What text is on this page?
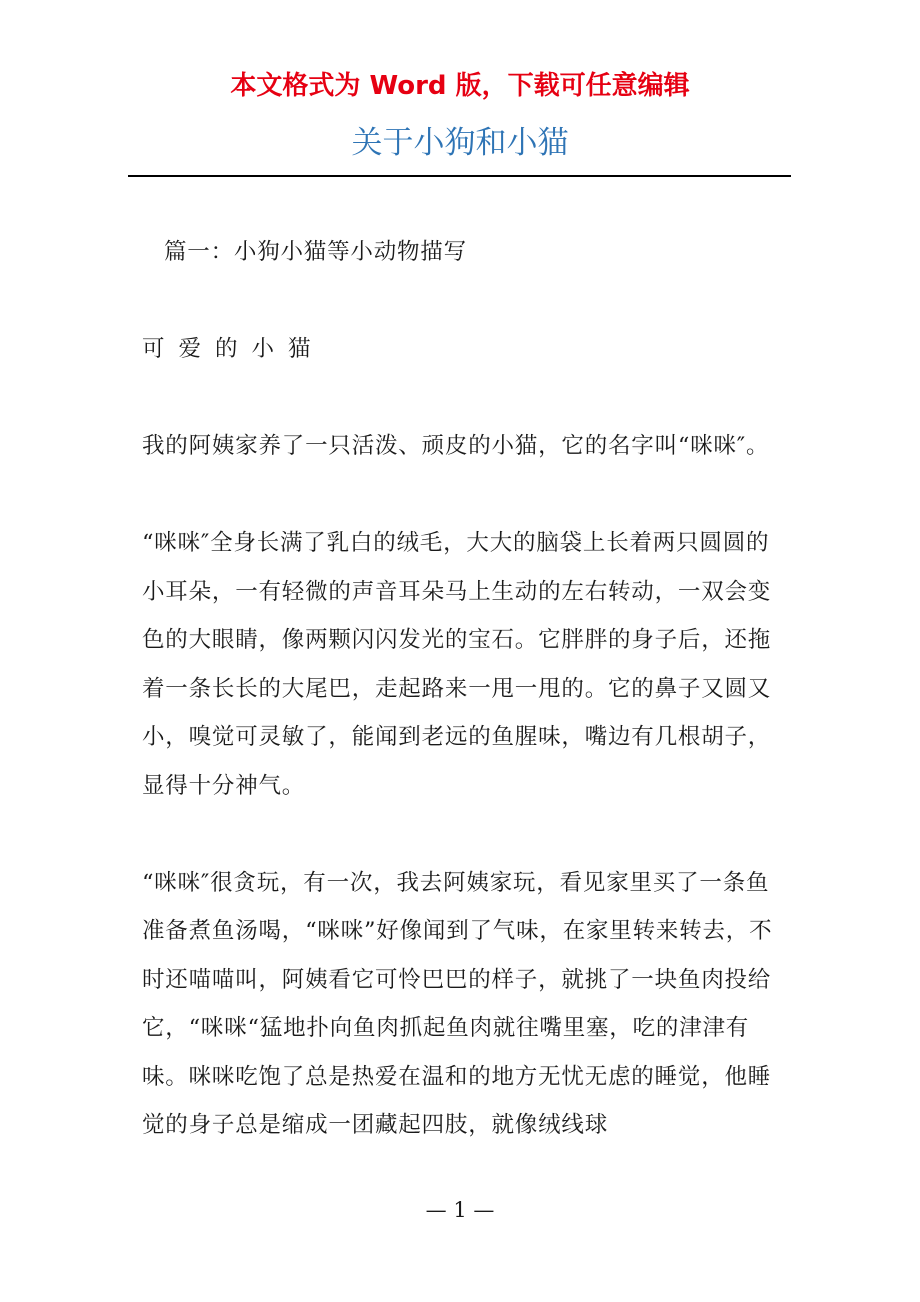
本文格式为 Word 版，下载可任意编辑
关于小狗和小猫

篇一：小狗小猫等小动物描写

可爱的小猫

我的阿姨家养了一只活泼、顽皮的小猫，它的名字叫“咪咪″。

“咪咪″全身长满了乳白的绒毛，大大的脑袋上长着两只圆圆的小耳朵，一有轻微的声音耳朵马上生动的左右转动，一双会变色的大眼睛，像两颗闪闪发光的宝石。它胖胖的身子后，还拖着一条长长的大尾巴，走起路来一甩一甩的。它的鼻子又圆又小，嗅觉可灵敏了，能闻到老远的鱼腥味，嘴边有几根胡子，显得十分神气。

“咪咪″很贪玩，有一次，我去阿姨家玩，看见家里买了一条鱼准备煮鱼汤喝，“咪咪”好像闻到了气味，在家里转来转去，不时还喵喵叫，阿姨看它可怜巴巴的样子，就挑了一块鱼肉投给它，“咪咪“猛地扑向鱼肉抓起鱼肉就往嘴里塞，吃的津津有味。咪咪吃饱了总是热爱在温和的地方无忧无虑的睡觉，他睡觉的身子总是缩成一团藏起四肢，就像绒线球

— 1 —
